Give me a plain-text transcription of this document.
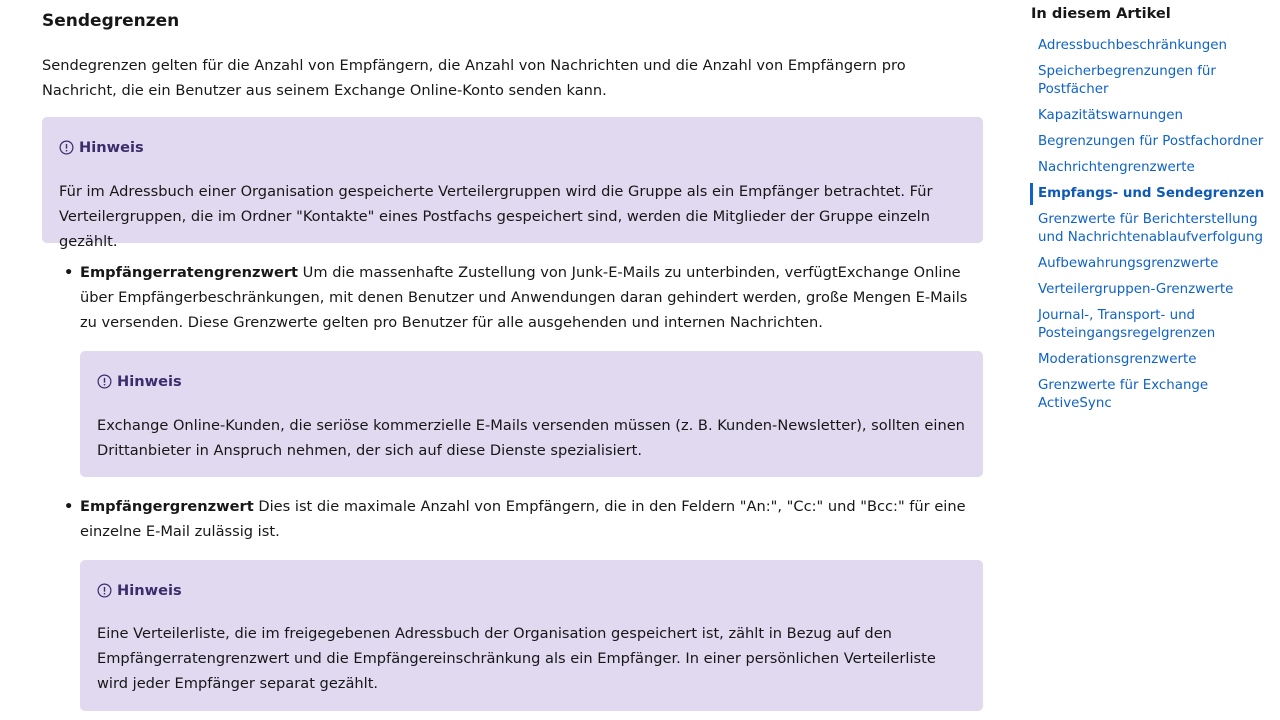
Sendegrenzen

Sendegrenzen gelten für die Anzahl von Empfängern, die Anzahl von Nachrichten und die Anzahl von Empfängern pro Nachricht, die ein Benutzer aus seinem Exchange Online-Konto senden kann.

Hinweis

Für im Adressbuch einer Organisation gespeicherte Verteilergruppen wird die Gruppe als ein Empfänger betrachtet. Für Verteilergruppen, die im Ordner "Kontakte" eines Postfachs gespeichert sind, werden die Mitglieder der Gruppe einzeln gezählt.

• Empfängerratengrenzwert Um die massenhafte Zustellung von Junk-E-Mails zu unterbinden, verfügtExchange Online über Empfängerbeschränkungen, mit denen Benutzer und Anwendungen daran gehindert werden, große Mengen E-Mails zu versenden. Diese Grenzwerte gelten pro Benutzer für alle ausgehenden und internen Nachrichten.
Hinweis

Exchange Online-Kunden, die seriöse kommerzielle E-Mails versenden müssen (z. B. Kunden-Newsletter), sollten einen Drittanbieter in Anspruch nehmen, der sich auf diese Dienste spezialisiert.

• Empfängergrenzwert Dies ist die maximale Anzahl von Empfängern, die in den Feldern "An:", "Cc:" und "Bcc:" für eine einzelne E-Mail zulässig ist.
Hinweis

Eine Verteilerliste, die im freigegebenen Adressbuch der Organisation gespeichert ist, zählt in Bezug auf den Empfängerratengrenzwert und die Empfängereinschränkung als ein Empfänger. In einer persönlichen Verteilerliste wird jeder Empfänger separat gezählt.

In diesem Artikel
Adressbuchbeschränkungen
Speicherbegrenzungen für Postfächer
Kapazitätswarnungen
Begrenzungen für Postfachordner
Nachrichtengrenzwerte
Empfangs- und Sendegrenzen
Grenzwerte für Berichterstellung und Nachrichtenablaufverfolgung
Aufbewahrungsgrenzwerte
Verteilergruppen-Grenzwerte
Journal-, Transport- und Posteingangsregelgrenzen
Moderationsgrenzwerte
Grenzwerte für Exchange ActiveSync
